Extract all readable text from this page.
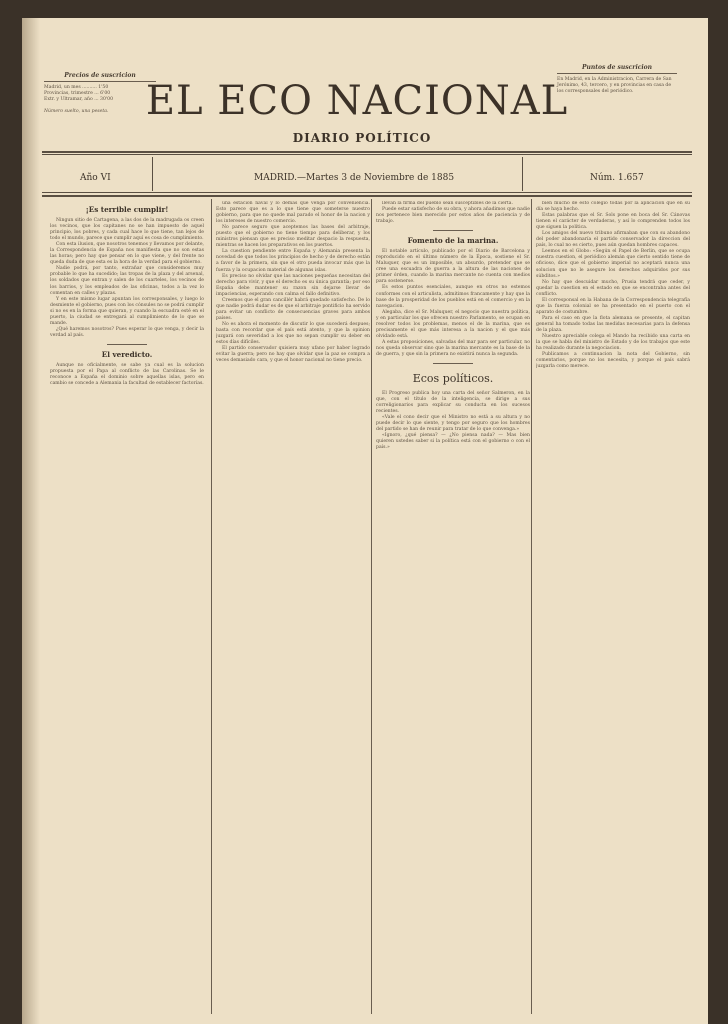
Precios de suscricion
Madrid, un mes .......... 1'50
Provincias, trimestre ... 6'00
Extr. y Ultramar, año ... 30'00
Número suelto, una peseta.
Puntos de suscricion
En Madrid, en la Administracion, Carrera de San Jerónimo, 43, tercero, y en provincias en casa de los corresponsales del periódico.
EL ECO NACIONAL
DIARIO POLÍTICO
Año VI	MADRID.—Martes 3 de Noviembre de 1885	Núm. 1.657
¡Es terrible cumplir!

Ningun sitio de Cartagena, a las dos de la madrugada os creen los vecinos, que los capitanes no se han impuesto de aquel principio, los pobres, y cada cual hace lo que tiene, tan lejos de todo el mundo, parece que cumplir aquí es cosa de cumplimiento.

Con esta ilusion, que nosotros tenemos y llevamos por delante, la Correspondencia de España nos manifiesta que no son estas las horas; pero hay que pensar en lo que viene, y del frente no queda duda de que esta es la hora de la verdad para el gobierno.

Nadie podrá, por tanto, extrañar que consideremos muy probable lo que ha sucedido; las tropas de la plaza y del arsenal, los soldados que entran y salen de los cuarteles, los vecinos de los barrios, y los empleados de las oficinas, todos a la vez lo comentan en calles y plazas.

Y en este mismo lugar apuntan los corresponsales, y luego lo desmiente el gobierno, pues con los cónsules no se podrá cumplir si no es en la forma que quieran, y cuando la escuadra esté en el puerto, la ciudad se entregará al cumplimiento de lo que se mande.

¿Qué haremos nosotros? Pues esperar lo que venga, y decir la verdad al país.

El veredicto.

Aunque no oficialmente, se sabe ya cual es la solucion propuesta por el Papa al conflicto de las Carolinas. Se le reconoce a España el dominio sobre aquellas islas, pero en cambio se concede a Alemania la facultad de establecer factorías.

una estacion naval y lo demás que venga por conveniencia. Esto parece que es a lo que tiene que someterse nuestro gobierno, para que no quede mal parado el honor de la nacion y los intereses de nuestro comercio.

No parece seguro que aceptemos las bases del arbitraje, puesto que el gobierno no tiene tiempo para deliberar, y los ministros piensan que es preciso meditar despacio la respuesta, mientras se hacen los preparativos en los puertos.

La cuestion pendiente entre España y Alemania presenta la novedad de que todos los principios de hecho y de derecho están a favor de la primera, sin que el otro pueda invocar más que la fuerza y la ocupacion material de algunas islas.

Es preciso no olvidar que las naciones pequeñas necesitan del derecho para vivir, y que el derecho es su única garantía; por eso España debe mantener su razon sin dejarse llevar de impaciencias, esperando con calma el fallo definitivo.

Creemos que el gran cancillér habrá quedado satisfecho. De lo que nadie podrá dudar es de que el arbitraje pontificio ha servido para evitar un conflicto de consecuencias graves para ambos países.

No es ahora el momento de discutir lo que sucederá despues; basta con recordar que el país está atento, y que la opinion juzgará con severidad a los que no sepan cumplir su deber en estos días difíciles.

El partido conservador quisiera muy ufano por haber logrado evitar la guerra; pero no hay que olvidar que la paz se compra a veces demasiado cara, y que el honor nacional no tiene precio.

llevan la firma del pueblo sean susceptibles de la cierta.

Puede estar satisfecho de su obra, y ahora añadimos que nadie nos pertenece bien merecido por estos años de paciencia y de trabajo.

Fomento de la marina.

El notable artículo, publicado por el Diario de Barcelona y reproducido en el último número de la Época, sostiene el Sr. Maluquer, que es un imposible, un absurdo, pretender que se cree una escuadra de guerra a la altura de las naciones de primer órden, cuando la marina mercante no cuenta con medios para sostenerse.

Es estos puntos esenciales, aunque en otros no estemos conformes con el articulista, admitimos francamente y hay que la base de la prosperidad de los pueblos está en el comercio y en la navegacion.

Alegaba, dice el Sr. Maluquer, el negocio que nuestra política, y en particular los que ofrecen nuestro Parlamento, se ocupan en resolver todos los problemas, menos el de la marina, que es precisamente el que más interesa a la nacion y el que más olvidado está.

A estas proposiciones, salvadas del mar para ser particular, no nos queda observar sino que la marina mercante es la base de la de guerra, y que sin la primera no existirá nunca la segunda.

Ecos políticos.

El Progreso publica hoy una carta del señor Salmeron, en la que, con el título de la inteligencia, se dirige a sus correligionarios para explicar su conducta en los sucesos recientes.

«Vale el cono decir que el Ministro no está a su altura y no puede decir lo que siente, y tengo por seguro que los hombres del partido se han de reunir para tratar de lo que convenga.»

«Ignoro, ¿qué piensa? — ¿No piensa nada? — Mas bien quieren ustedes saber si la política está con el gobierno o con el país.»

bien mucho de esto colegió todas por la aplicacion que en su día se haya hecho.

Estas palabras que el Sr. Sols pone en boca del Sr. Cánovas tienen el carácter de verdaderas, y así lo comprenden todos los que siguen la política.

Los amigos del nuevo tribuno afirmaban que con su abandono del poder abandonaría el partido conservador la direccion del país, lo cual no es cierto, pues aún quedan hombres capaces.

Leemos en el Globo: «Según el Papel de Berlin, que se ocupa nuestra cuestion, el periódico alemán que cierto sentido tiene de oficioso, dice que el gobierno imperial no aceptará nunca una solucion que no le asegure los derechos adquiridos por sus súbditos.»

No hay que descuidar mucho, Prusia tendrá que ceder, y quedar la cuestion en el estado en que se encontraba antes del conflicto.

El corresponsal en la Habana de la Correspondencia telegrafía que la fuerza colonial se ha presentado en el puerto con el aparato de costumbre.

Para el caso en que la flota alemana se presente, el capitan general ha tomado todas las medidas necesarias para la defensa de la plaza.

Nuestro apreciable colega el Mando ha recibido una carta en la que se habla del ministro de Estado y de los trabajos que este ha realizado durante la negociacion.

Publicamos a continuacion la nota del Gobierno, sin comentarios, porque no los necesita, y porque el país sabrá juzgarla como merece.
